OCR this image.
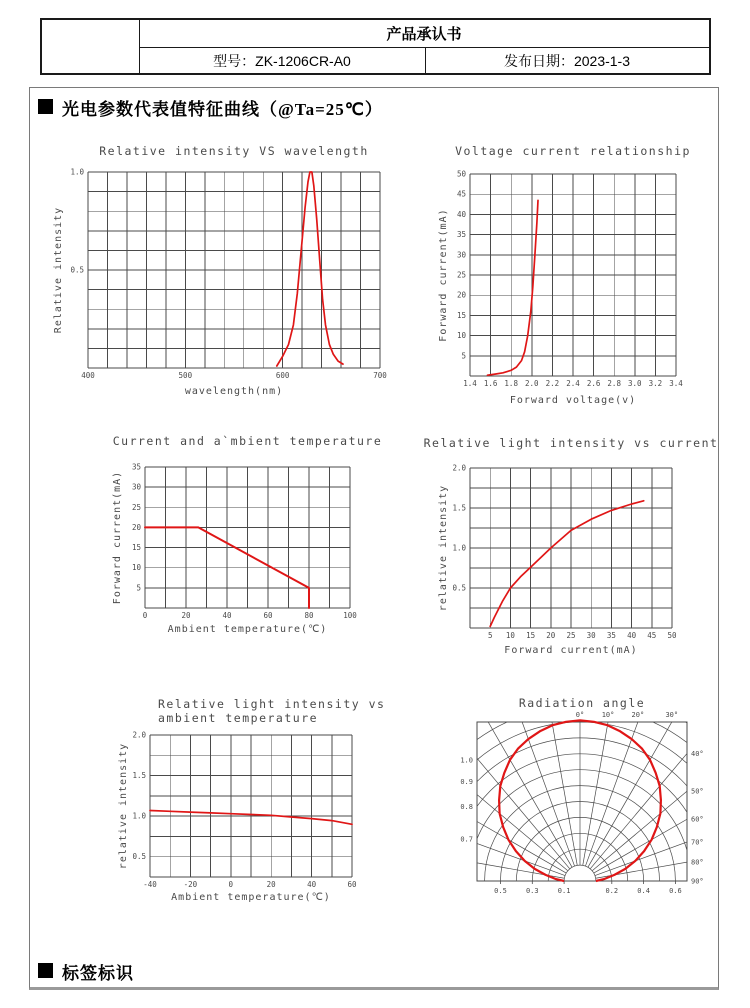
产品承认书
型号：ZK-1206CR-A0	发布日期：2023-1-3
光电参数代表值特征曲线（@Ta=25℃）
400	500	600	700
1.0
0.5
Relative intensity VS wavelength
wavelength(nm)
Relative intensity
1.4 1.6 1.8 2.0 2.2 2.4 2.6 2.8 3.0 3.2 3.4
5
10
15
20
25
30
35
40
45
50
Voltage current relationship
Forward voltage(v)
Forward current(mA)
0	20	40	60	80	100
5
10
15
20
25
30
35
Current and a`mbient temperature
Ambient temperature(℃)
Forward current(mA)
5 10 15 20 25 30 35 40 45 50
0.5
1.0
1.5
2.0
Relative light intensity vs current
Forward current(mA)
relative intensity
-40	-20	0	20	40	60
0.5
1.0
1.5
2.0
Relative light intensity vs
ambient temperature
Ambient temperature(℃)
relative intensity
0.5	0.3	0.1	0.2	0.4	0.6
0° 10° 20°	30°
40°
50°
60°
70°
80°
90°
1.0
0.9
0.8
0.7
Radiation angle
标签标识
